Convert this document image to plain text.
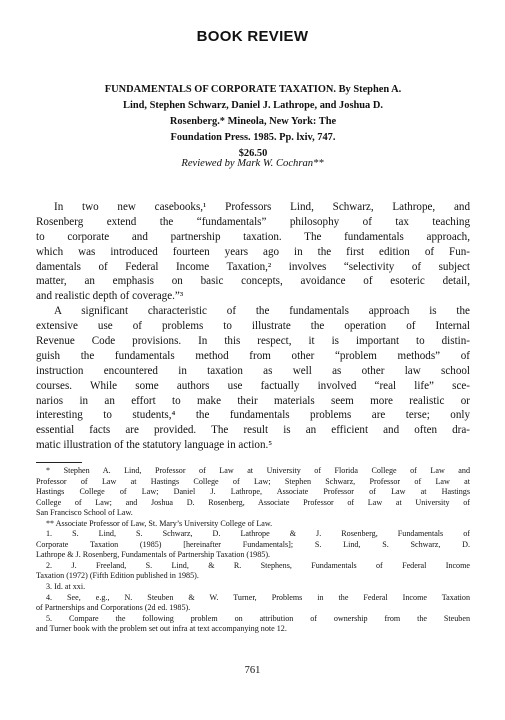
BOOK REVIEW
FUNDAMENTALS OF CORPORATE TAXATION. By Stephen A.
Lind, Stephen Schwarz, Daniel J. Lathrope, and Joshua D.
Rosenberg.* Mineola, New York: The
Foundation Press. 1985. Pp. lxiv, 747.
$26.50
Reviewed by Mark W. Cochran**
In two new casebooks,¹ Professors Lind, Schwarz, Lathrope, and
Rosenberg extend the “fundamentals” philosophy of tax teaching
to corporate and partnership taxation. The fundamentals approach,
which was introduced fourteen years ago in the first edition of Fun-
damentals of Federal Income Taxation,² involves “selectivity of subject
matter, an emphasis on basic concepts, avoidance of esoteric detail,
and realistic depth of coverage.”³
A significant characteristic of the fundamentals approach is the
extensive use of problems to illustrate the operation of Internal
Revenue Code provisions. In this respect, it is important to distin-
guish the fundamentals method from other “problem methods” of
instruction encountered in taxation as well as other law school
courses. While some authors use factually involved “real life” sce-
narios in an effort to make their materials seem more realistic or
interesting to students,⁴ the fundamentals problems are terse; only
essential facts are provided. The result is an efficient and often dra-
matic illustration of the statutory language in action.⁵
* Stephen A. Lind, Professor of Law at University of Florida College of Law and
Professor of Law at Hastings College of Law; Stephen Schwarz, Professor of Law at
Hastings College of Law; Daniel J. Lathrope, Associate Professor of Law at Hastings
College of Law; and Joshua D. Rosenberg, Associate Professor of Law at University of
San Francisco School of Law.
** Associate Professor of Law, St. Mary’s University College of Law.
1. S. Lind, S. Schwarz, D. Lathrope & J. Rosenberg, Fundamentals of
Corporate Taxation (1985) [hereinafter Fundamentals]; S. Lind, S. Schwarz, D.
Lathrope & J. Rosenberg, Fundamentals of Partnership Taxation (1985).
2. J. Freeland, S. Lind, & R. Stephens, Fundamentals of Federal Income
Taxation (1972) (Fifth Edition published in 1985).
3. Id. at xxi.
4. See, e.g., N. Steuben & W. Turner, Problems in the Federal Income Taxation
of Partnerships and Corporations (2d ed. 1985).
5. Compare the following problem on attribution of ownership from the Steuben
and Turner book with the problem set out infra at text accompanying note 12.
761
